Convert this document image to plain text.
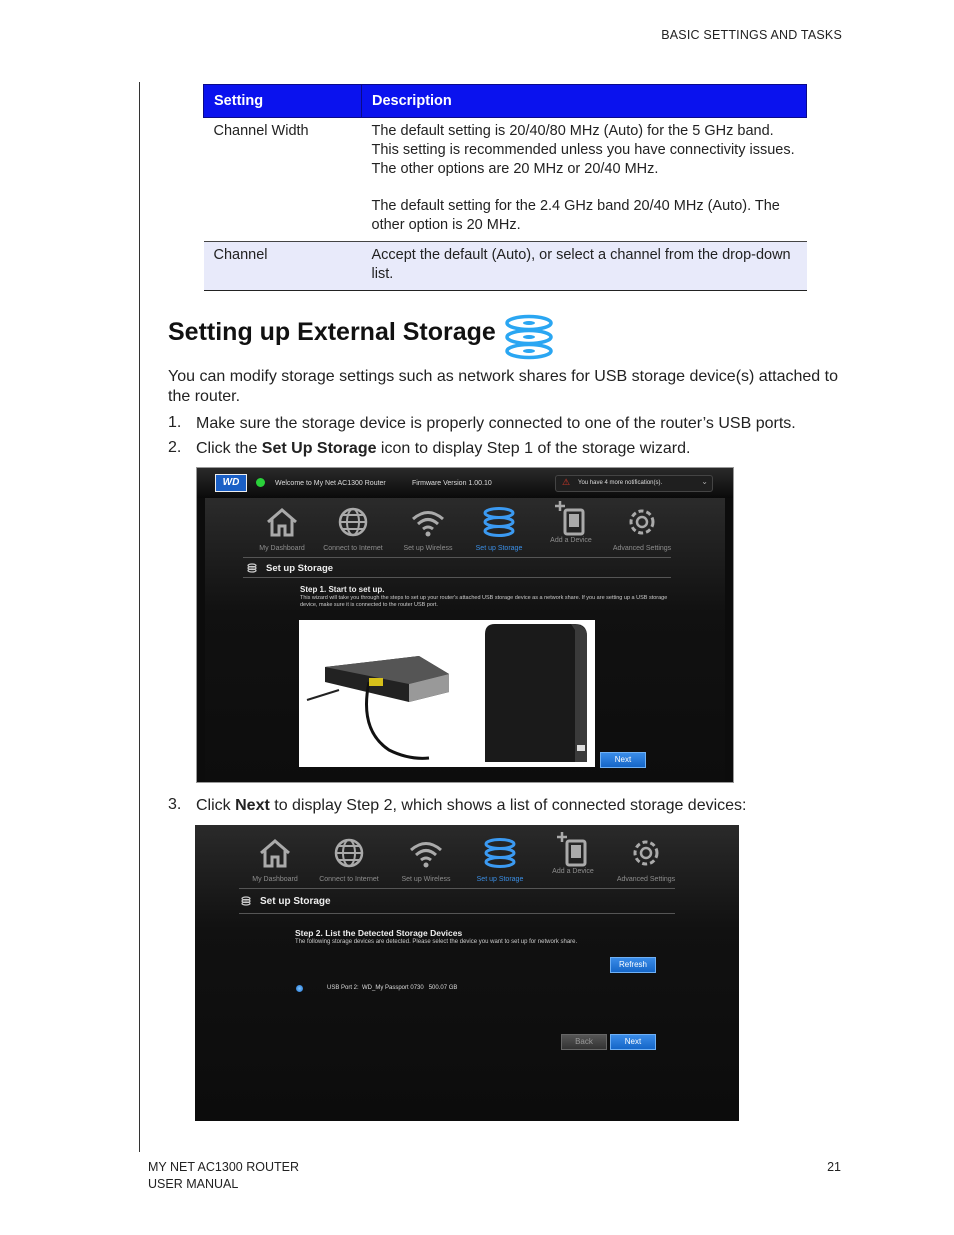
BASIC SETTINGS AND TASKS
Setting	Description
Channel Width	The default setting is 20/40/80 MHz (Auto) for the 5 GHz band. This setting is recommended unless you have connectivity issues. The other options are 20 MHz or 20/40 MHz.
The default setting for the 2.4 GHz band 20/40 MHz (Auto). The other option is 20 MHz.

Channel	Accept the default (Auto), or select a channel from the drop-down list.
Setting up External Storage
You can modify storage settings such as network shares for USB storage device(s) attached to the router.
1. Make sure the storage device is properly connected to one of the router’s USB ports.
2. Click the Set Up Storage icon to display Step 1 of the storage wizard.
WD	Welcome to My Net AC1300 Router	Firmware Version 1.00.10	⚠ You have 4 more notification(s).	⌄
My Dashboard	Connect to Internet	Set up Wireless	Set up Storage
Add a Device
Advanced Settings
Set up Storage
Step 1. Start to set up.
This wizard will take you through the steps to set up your router's attached USB storage device as a network share. If you are setting up a USB storage device, make sure it is connected to the router USB port.
Next
3. Click Next to display Step 2, which shows a list of connected storage devices:
My Dashboard	Connect to Internet	Set up Wireless	Set up Storage
Add a Device
Advanced Settings
Set up Storage
Step 2. List the Detected Storage Devices
The following storage devices are detected. Please select the device you want to set up for network share.
Refresh
USB Port 2:  WD_My Passport 0730   500.07 GB
Back	Next
MY NET AC1300 ROUTER
USER MANUAL
21
